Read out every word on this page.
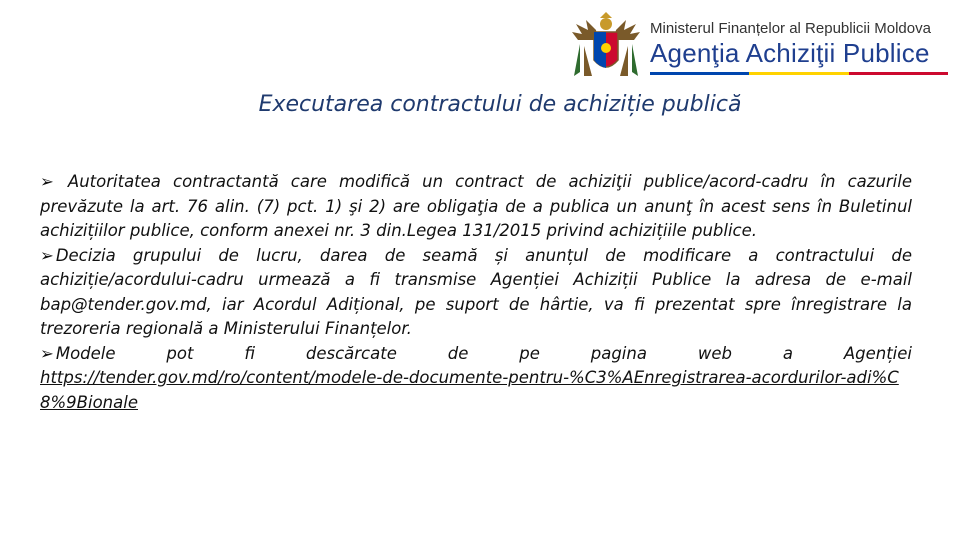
Ministerul Finanțelor al Republicii Moldova
Agenţia Achiziţii Publice
Executarea contractului de achiziție publică

➢ Autoritatea contractantă care modifică un contract de achiziţii publice/acord-cadru în cazurile prevăzute la art. 76 alin. (7) pct. 1) şi 2) are obligaţia de a publica un anunţ în acest sens în Buletinul achizițiilor publice, conform anexei nr. 3 din.Legea 131/2015 privind achizițiile publice.

➢ Decizia grupului de lucru, darea de seamă și anunțul de modificare a contractului de achiziție/acordului-cadru urmează a fi transmise Agenției Achiziții Publice la adresa de e-mail bap@tender.gov.md, iar Acordul Adițional, pe suport de hârtie, va fi prezentat spre înregistrare la trezoreria regională a Ministerului Finanțelor.

➢ Modele pot fi descărcate de pe pagina web a Agenției

https://tender.gov.md/ro/content/modele-de-documente-pentru-%C3%AEnregistrarea-acordurilor-adi%C8%9Bionale
